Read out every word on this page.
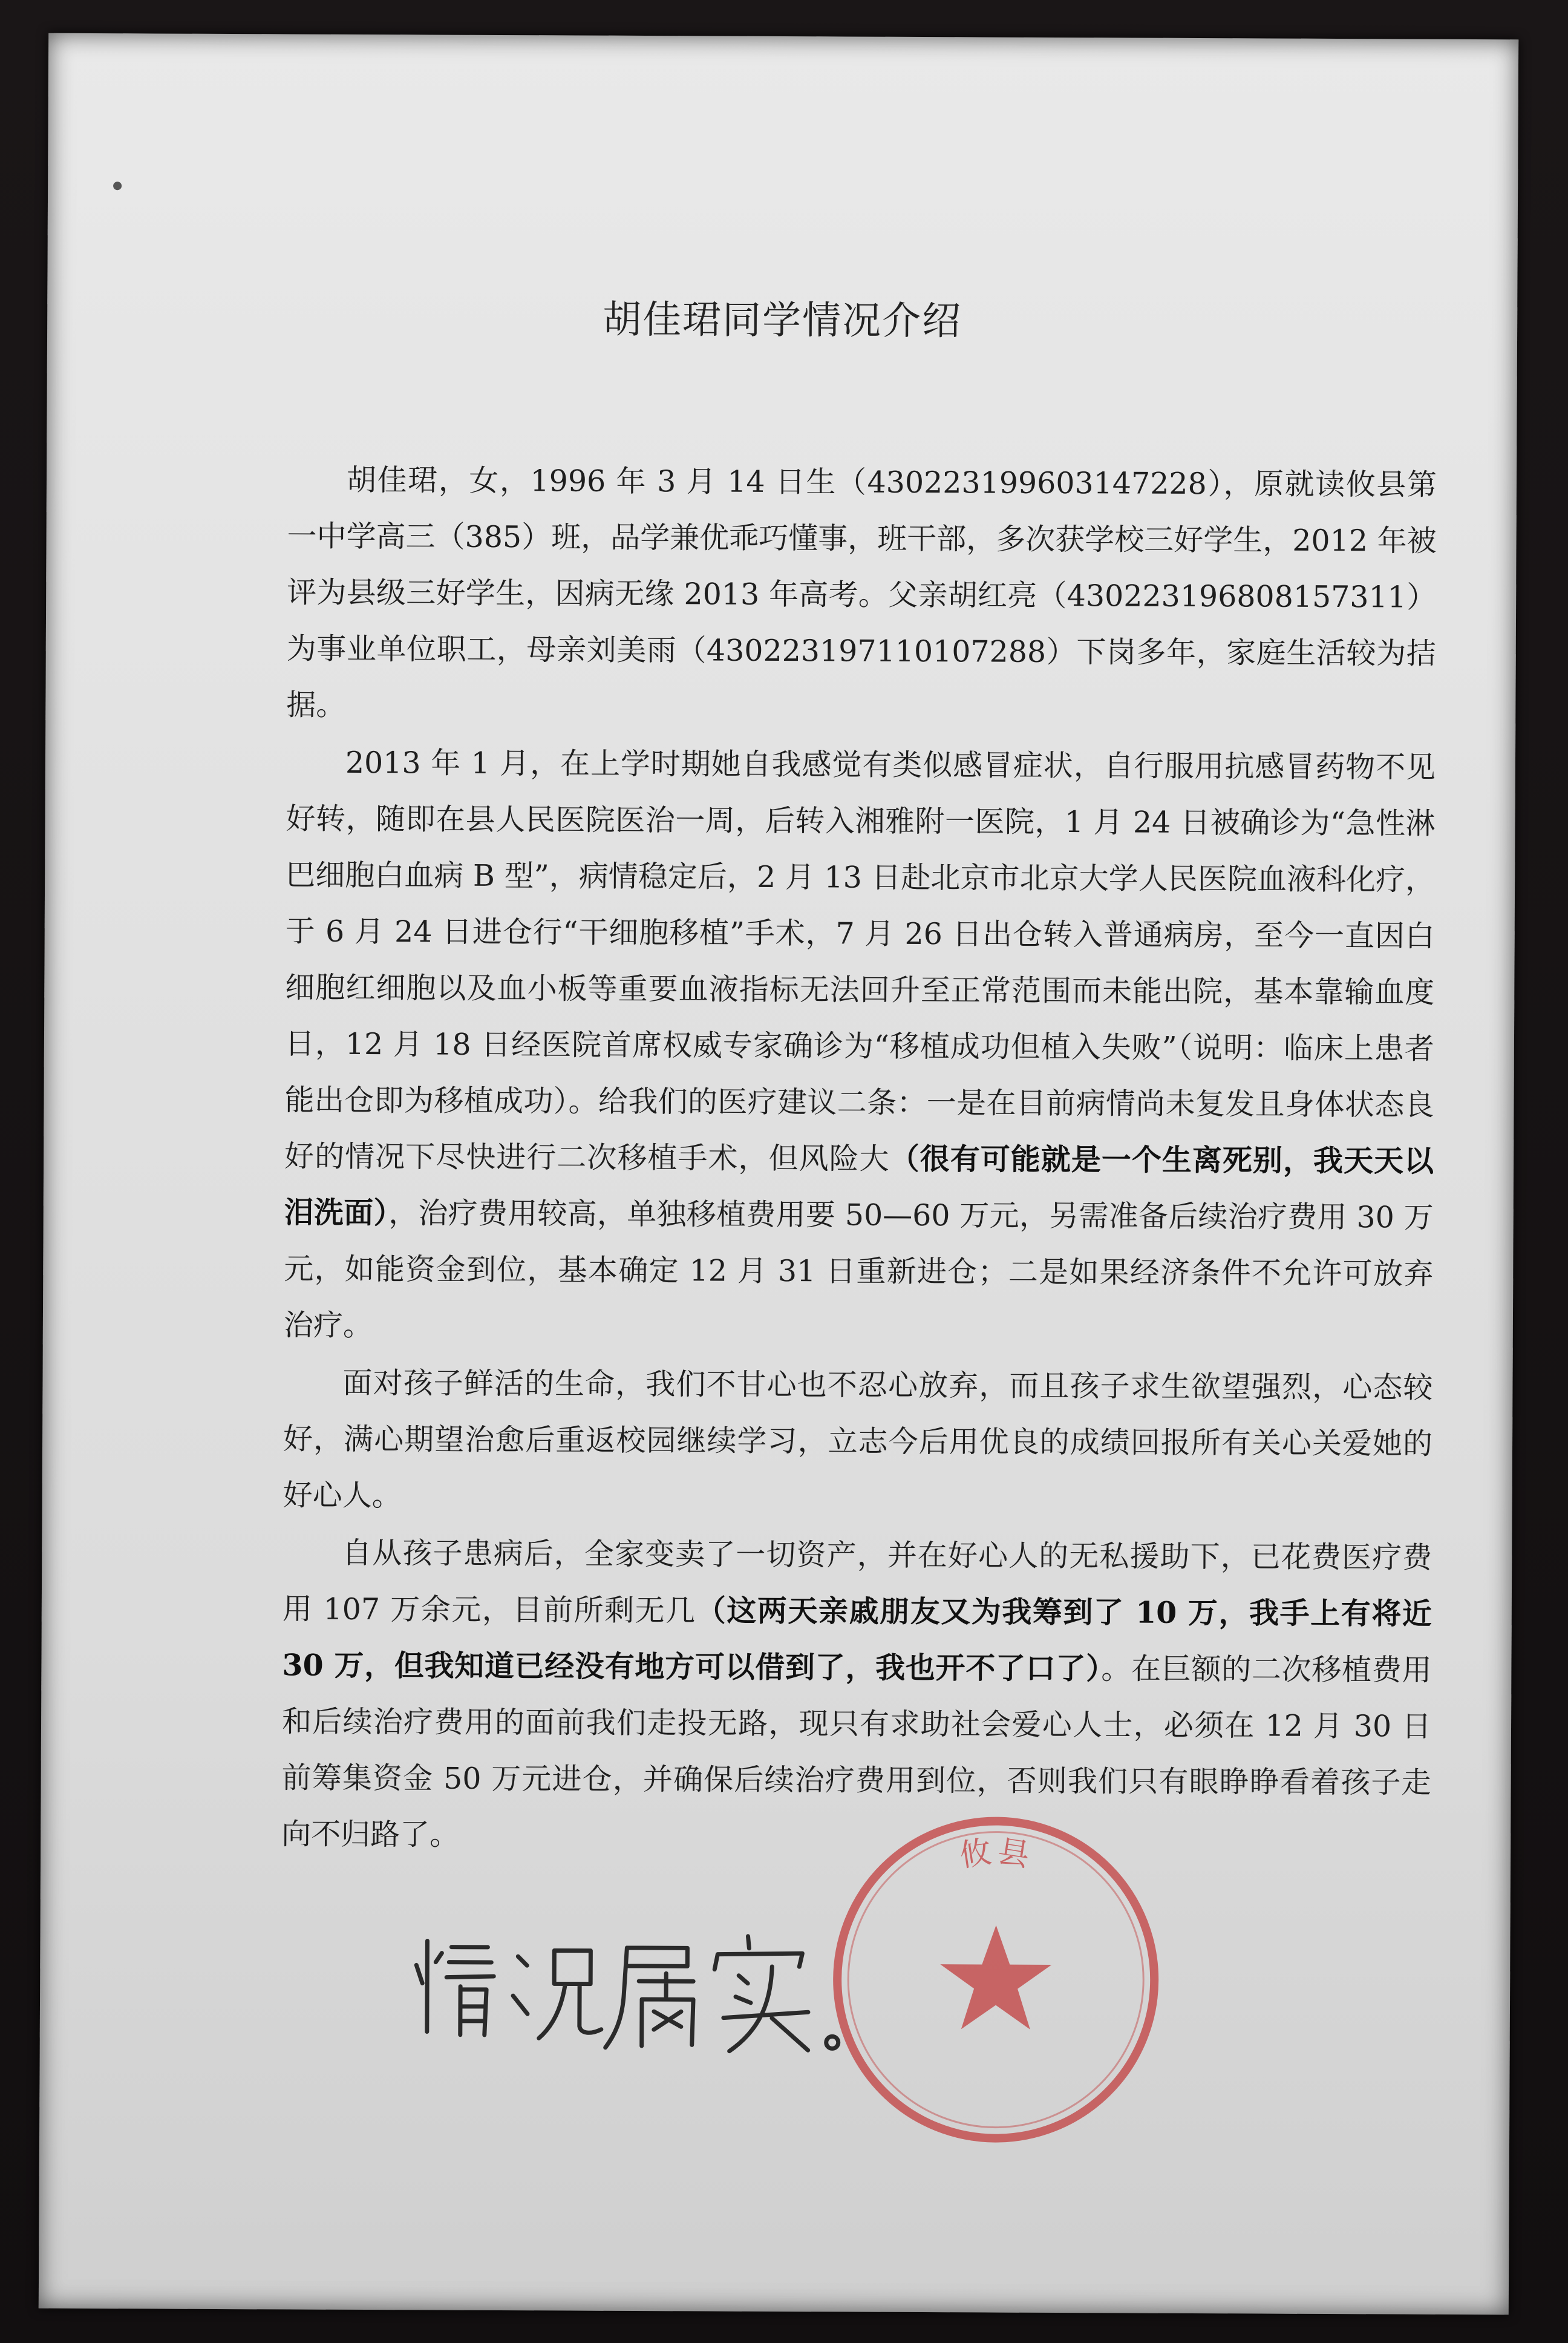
胡佳珺同学情况介绍

胡佳珺，女，1996 年 3 月 14 日生（430223199603147228），原就读攸县第一中学高三（385）班，品学兼优乖巧懂事，班干部，多次获学校三好学生，2012 年被评为县级三好学生，因病无缘 2013 年高考。父亲胡红亮（430223196808157311）为事业单位职工，母亲刘美雨（430223197110107288）下岗多年，家庭生活较为拮据。

2013 年 1 月，在上学时期她自我感觉有类似感冒症状，自行服用抗感冒药物不见好转，随即在县人民医院医治一周，后转入湘雅附一医院，1 月 24 日被确诊为“急性淋巴细胞白血病 B 型”，病情稳定后，2 月 13 日赴北京市北京大学人民医院血液科化疗，于 6 月 24 日进仓行“干细胞移植”手术，7 月 26 日出仓转入普通病房，至今一直因白细胞红细胞以及血小板等重要血液指标无法回升至正常范围而未能出院，基本靠输血度日，12 月 18 日经医院首席权威专家确诊为“移植成功但植入失败”（说明：临床上患者能出仓即为移植成功）。给我们的医疗建议二条：一是在目前病情尚未复发且身体状态良好的情况下尽快进行二次移植手术，但风险大（很有可能就是一个生离死别，我天天以泪洗面），治疗费用较高，单独移植费用要 50—60 万元，另需准备后续治疗费用 30 万元，如能资金到位，基本确定 12 月 31 日重新进仓；二是如果经济条件不允许可放弃治疗。

面对孩子鲜活的生命，我们不甘心也不忍心放弃，而且孩子求生欲望强烈，心态较好，满心期望治愈后重返校园继续学习，立志今后用优良的成绩回报所有关心关爱她的好心人。

自从孩子患病后，全家变卖了一切资产，并在好心人的无私援助下，已花费医疗费用 107 万余元，目前所剩无几（这两天亲戚朋友又为我筹到了 10 万，我手上有将近 30 万，但我知道已经没有地方可以借到了，我也开不了口了）。在巨额的二次移植费用和后续治疗费用的面前我们走投无路，现只有求助社会爱心人士，必须在 12 月 30 日前筹集资金 50 万元进仓，并确保后续治疗费用到位，否则我们只有眼睁睁看着孩子走向不归路了。	攸县
